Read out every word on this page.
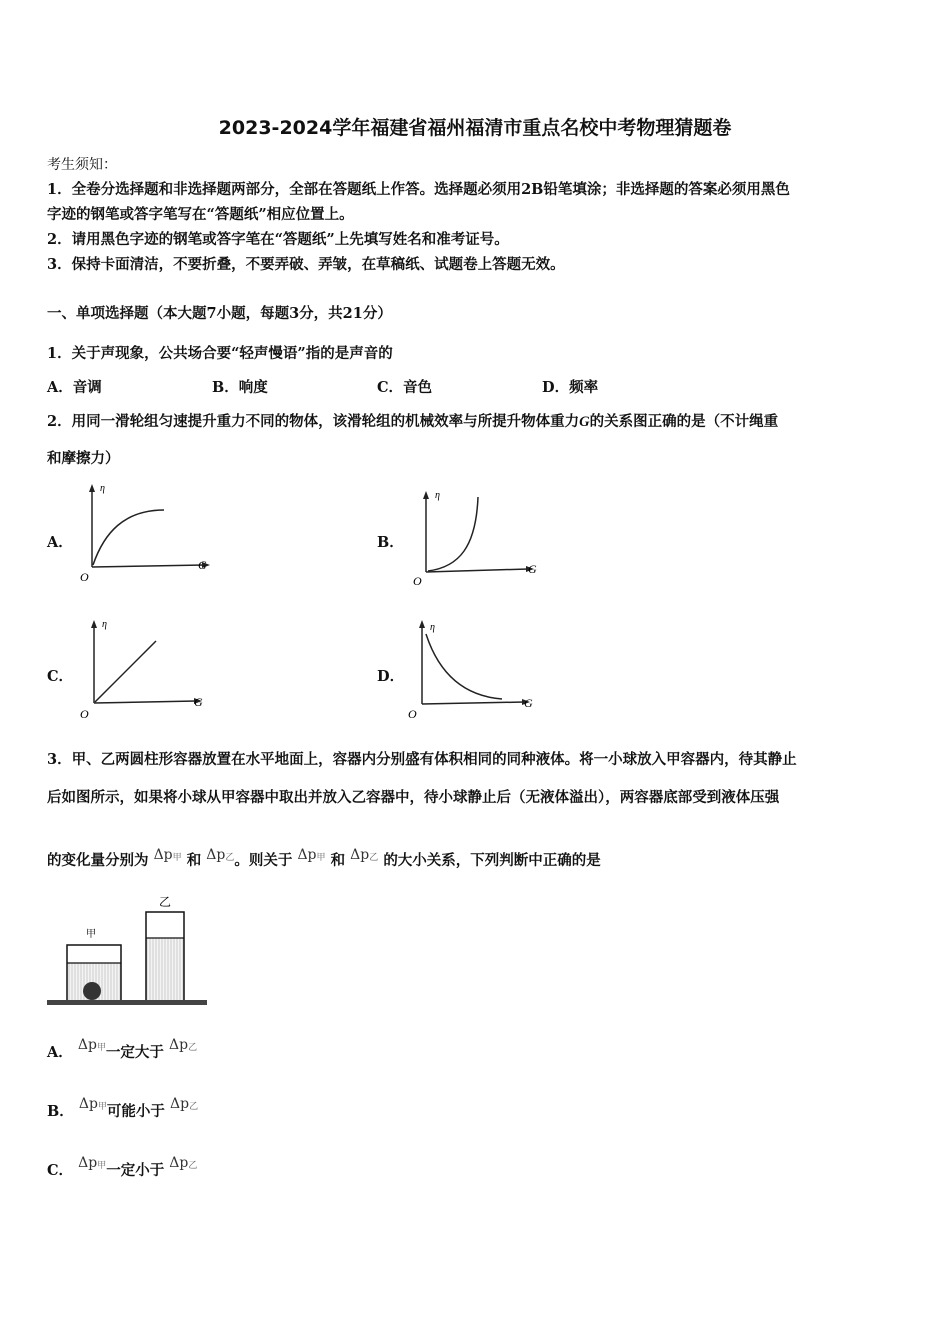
2023-2024学年福建省福州福清市重点名校中考物理猜题卷
考生须知：
1．全卷分选择题和非选择题两部分，全部在答题纸上作答。选择题必须用2B铅笔填涂；非选择题的答案必须用黑色
字迹的钢笔或答字笔写在“答题纸”相应位置上。
2．请用黑色字迹的钢笔或答字笔在“答题纸”上先填写姓名和准考证号。
3．保持卡面清洁，不要折叠，不要弄破、弄皱，在草稿纸、试题卷上答题无效。
一、单项选择题（本大题7小题，每题3分，共21分）
1．关于声现象，公共场合要“轻声慢语”指的是声音的
A．音调	B．响度	C．音色	D．频率
2．用同一滑轮组匀速提升重力不同的物体，该滑轮组的机械效率与所提升物体重力G的关系图正确的是（不计绳重
和摩擦力）
A．	B．
C．	D．
η
O
G
η
O
G
η
O
G
η
O
G
3．甲、乙两圆柱形容器放置在水平地面上，容器内分别盛有体积相同的同种液体。将一小球放入甲容器内，待其静止
后如图所示，如果将小球从甲容器中取出并放入乙容器中，待小球静止后（无液体溢出），两容器底部受到液体压强
的变化量分别为 Δp甲 和 Δp乙。则关于 Δp甲 和 Δp乙 的大小关系，下列判断中正确的是
甲
乙
A． Δp甲一定大于 Δp乙
B． Δp甲可能小于 Δp乙
C． Δp甲一定小于 Δp乙
